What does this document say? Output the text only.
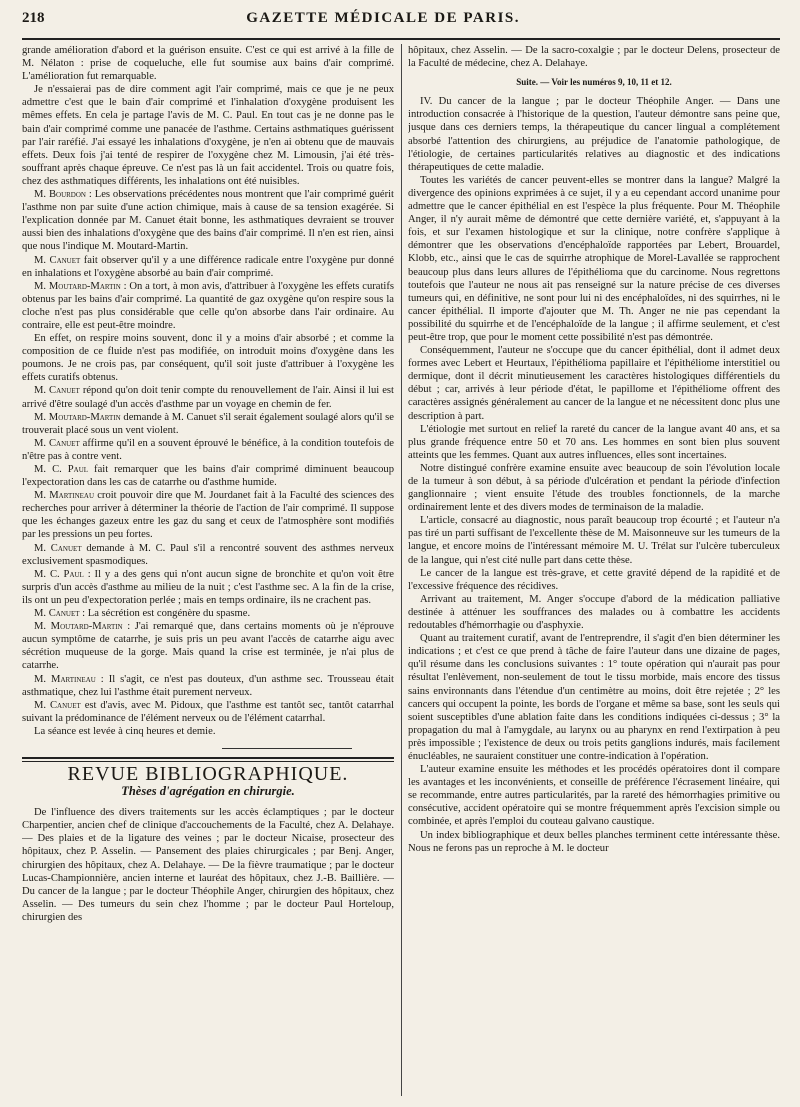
218	GAZETTE MÉDICALE DE PARIS.

grande amélioration d'abord et la guérison ensuite. C'est ce qui est arrivé à la fille de M. Nélaton : prise de coqueluche, elle fut soumise aux bains d'air comprimé. L'amélioration fut remarquable.

Je n'essaierai pas de dire comment agit l'air comprimé, mais ce que je ne peux admettre c'est que le bain d'air comprimé et l'inhalation d'oxygène produisent les mêmes effets. En cela je partage l'avis de M. C. Paul. En tout cas je ne donne pas le bain d'air comprimé comme une panacée de l'asthme. Certains asthmatiques guérissent par l'air raréfié. J'ai essayé les inhalations d'oxygène, je n'en ai obtenu que de mauvais effets. Deux fois j'ai tenté de respirer de l'oxygène chez M. Limousin, j'ai été très-souffrant après chaque épreuve. Ce n'est pas là un fait accidentel. Trois ou quatre fois, chez des asthmatiques différents, les inhalations ont été nuisibles.

M. Bourdon : Les observations précédentes nous montrent que l'air comprimé guérit l'asthme non par suite d'une action chimique, mais à cause de sa tension exagérée. Si l'explication donnée par M. Canuet était bonne, les asthmatiques devraient se trouver aussi bien des inhalations d'oxygène que des bains d'air comprimé. Il n'en est rien, ainsi que nous l'indique M. Moutard-Martin.

M. Canuet fait observer qu'il y a une différence radicale entre l'oxygène pur donné en inhalations et l'oxygène absorbé au bain d'air comprimé.

M. Moutard-Martin : On a tort, à mon avis, d'attribuer à l'oxygène les effets curatifs obtenus par les bains d'air comprimé. La quantité de gaz oxygène qu'on respire sous la cloche n'est pas plus considérable que celle qu'on absorbe dans l'air ordinaire. Au contraire, elle est peut-être moindre.

En effet, on respire moins souvent, donc il y a moins d'air absorbé ; et comme la composition de ce fluide n'est pas modifiée, on introduit moins d'oxygène dans les poumons. Je ne crois pas, par conséquent, qu'il soit juste d'attribuer à l'oxygène les effets curatifs obtenus.

M. Canuet répond qu'on doit tenir compte du renouvellement de l'air. Ainsi il lui est arrivé d'être soulagé d'un accès d'asthme par un voyage en chemin de fer.

M. Moutard-Martin demande à M. Canuet s'il serait également soulagé alors qu'il se trouverait placé sous un vent violent.

M. Canuet affirme qu'il en a souvent éprouvé le bénéfice, à la condition toutefois de n'être pas à contre vent.

M. C. Paul fait remarquer que les bains d'air comprimé diminuent beaucoup l'expectoration dans les cas de catarrhe ou d'asthme humide.

M. Martineau croit pouvoir dire que M. Jourdanet fait à la Faculté des sciences des recherches pour arriver à déterminer la théorie de l'action de l'air comprimé. Il suppose que les échanges gazeux entre les gaz du sang et ceux de l'atmosphère sont modifiés par les pressions un peu fortes.

M. Canuet demande à M. C. Paul s'il a rencontré souvent des asthmes nerveux exclusivement spasmodiques.

M. C. Paul : Il y a des gens qui n'ont aucun signe de bronchite et qu'on voit être surpris d'un accès d'asthme au milieu de la nuit ; c'est l'asthme sec. A la fin de la crise, ils ont un peu d'expectoration perlée ; mais en temps ordinaire, ils ne crachent pas.

M. Canuet : La sécrétion est congénère du spasme.

M. Moutard-Martin : J'ai remarqué que, dans certains moments où je n'éprouve aucun symptôme de catarrhe, je suis pris un peu avant l'accès de catarrhe aigu avec sécrétion muqueuse de la gorge. Mais quand la crise est terminée, je n'ai plus de catarrhe.

M. Martineau : Il s'agit, ce n'est pas douteux, d'un asthme sec. Trousseau était asthmatique, chez lui l'asthme était purement nerveux.

M. Canuet est d'avis, avec M. Pidoux, que l'asthme est tantôt sec, tantôt catarrhal suivant la prédominance de l'élément nerveux ou de l'élément catarrhal.

La séance est levée à cinq heures et demie.

REVUE BIBLIOGRAPHIQUE.
Thèses d'agrégation en chirurgie.

De l'influence des divers traitements sur les accès éclamptiques ; par le docteur Charpentier, ancien chef de clinique d'accouchements de la Faculté, chez A. Delahaye. — Des plaies et de la ligature des veines ; par le docteur Nicaise, prosecteur des hôpitaux, chez P. Asselin. — Pansement des plaies chirurgicales ; par Benj. Anger, chirurgien des hôpitaux, chez A. Delahaye. — De la fièvre traumatique ; par le docteur Lucas-Championnière, ancien interne et lauréat des hôpitaux, chez J.-B. Baillière. — Du cancer de la langue ; par le docteur Théophile Anger, chirurgien des hôpitaux, chez Asselin. — Des tumeurs du sein chez l'homme ; par le docteur Paul Horteloup, chirurgien des

hôpitaux, chez Asselin. — De la sacro-coxalgie ; par le docteur Delens, prosecteur de la Faculté de médecine, chez A. Delahaye.

Suite. — Voir les numéros 9, 10, 11 et 12.

IV. Du cancer de la langue ; par le docteur Théophile Anger. — Dans une introduction consacrée à l'historique de la question, l'auteur démontre sans peine que, jusque dans ces derniers temps, la thérapeutique du cancer lingual a complétement absorbé l'attention des chirurgiens, au préjudice de l'anatomie pathologique, de l'étiologie, de certaines particularités relatives au diagnostic et des indications thérapeutiques de cette maladie.

Toutes les variétés de cancer peuvent-elles se montrer dans la langue? Malgré la divergence des opinions exprimées à ce sujet, il y a eu cependant accord unanime pour admettre que le cancer épithélial en est l'espèce la plus fréquente. Pour M. Théophile Anger, il n'y aurait même de démontré que cette dernière variété, et, s'appuyant à la fois, et sur l'examen histologique et sur la clinique, notre confrère s'applique à démontrer que les observations d'encéphaloïde rapportées par Lebert, Brouardel, Klobb, etc., ainsi que le cas de squirrhe atrophique de Morel-Lavallée se rapprochent beaucoup plus dans leurs allures de l'épithélioma que du carcinome. Nous regrettons toutefois que l'auteur ne nous ait pas renseigné sur la nature précise de ces diverses tumeurs qui, en définitive, ne sont pour lui ni des encéphaloïdes, ni des squirrhes, ni le cancer épithélial. Il importe d'ajouter que M. Th. Anger ne nie pas cependant la possibilité du squirrhe et de l'encéphaloïde de la langue ; il affirme seulement, et c'est peut-être trop, que pour le moment cette possibilité n'est pas démontrée.

Conséquemment, l'auteur ne s'occupe que du cancer épithélial, dont il admet deux formes avec Lebert et Heurtaux, l'épithélioma papillaire et l'épithéliome interstitiel ou dermique, dont il décrit minutieusement les caractères histologiques différentiels du début ; car, arrivés à leur période d'état, le papillome et l'épithéliome offrent des caractères assignés généralement au cancer de la langue et ne nécessitent donc plus une description à part.

L'étiologie met surtout en relief la rareté du cancer de la langue avant 40 ans, et sa plus grande fréquence entre 50 et 70 ans. Les hommes en sont bien plus souvent atteints que les femmes. Quant aux autres influences, elles sont incertaines.

Notre distingué confrère examine ensuite avec beaucoup de soin l'évolution locale de la tumeur à son début, à sa période d'ulcération et pendant la période d'infection ganglionnaire ; vient ensuite l'étude des troubles fonctionnels, de la marche ordinairement lente et des divers modes de terminaison de la maladie.

L'article, consacré au diagnostic, nous paraît beaucoup trop écourté ; et l'auteur n'a pas tiré un parti suffisant de l'excellente thèse de M. Maisonneuve sur les tumeurs de la langue, et encore moins de l'intéressant mémoire M. U. Trélat sur l'ulcère tuberculeux de la langue, qui n'est cité nulle part dans cette thèse.

Le cancer de la langue est très-grave, et cette gravité dépend de la rapidité et de l'excessive fréquence des récidives.

Arrivant au traitement, M. Anger s'occupe d'abord de la médication palliative destinée à atténuer les souffrances des malades ou à combattre les accidents redoutables d'hémorrhagie ou d'asphyxie.

Quant au traitement curatif, avant de l'entreprendre, il s'agit d'en bien déterminer les indications ; et c'est ce que prend à tâche de faire l'auteur dans une dizaine de pages, qu'il résume dans les conclusions suivantes : 1° toute opération qui n'aurait pas pour résultat l'enlèvement, non-seulement de tout le tissu morbide, mais encore des tissus sains environnants dans l'étendue d'un centimètre au moins, doit être rejetée ; 2° les cancers qui occupent la pointe, les bords de l'organe et même sa base, sont les seuls qui soient susceptibles d'une ablation faite dans les conditions indiquées ci-dessus ; 3° la propagation du mal à l'amygdale, au larynx ou au pharynx en rend l'extirpation à peu près impossible ; l'existence de deux ou trois petits ganglions indurés, mais facilement énucléables, ne sauraient constituer une contre-indication à l'opération.

L'auteur examine ensuite les méthodes et les procédés opératoires dont il compare les avantages et les inconvénients, et conseille de préférence l'écrasement linéaire, qui se recommande, entre autres particularités, par la rareté des hémorrhagies primitive ou consécutive, accident opératoire qui se montre fréquemment après l'excision simple ou combinée, et après l'emploi du couteau galvano caustique.

Un index bibliographique et deux belles planches terminent cette intéressante thèse. Nous ne ferons pas un reproche à M. le docteur
